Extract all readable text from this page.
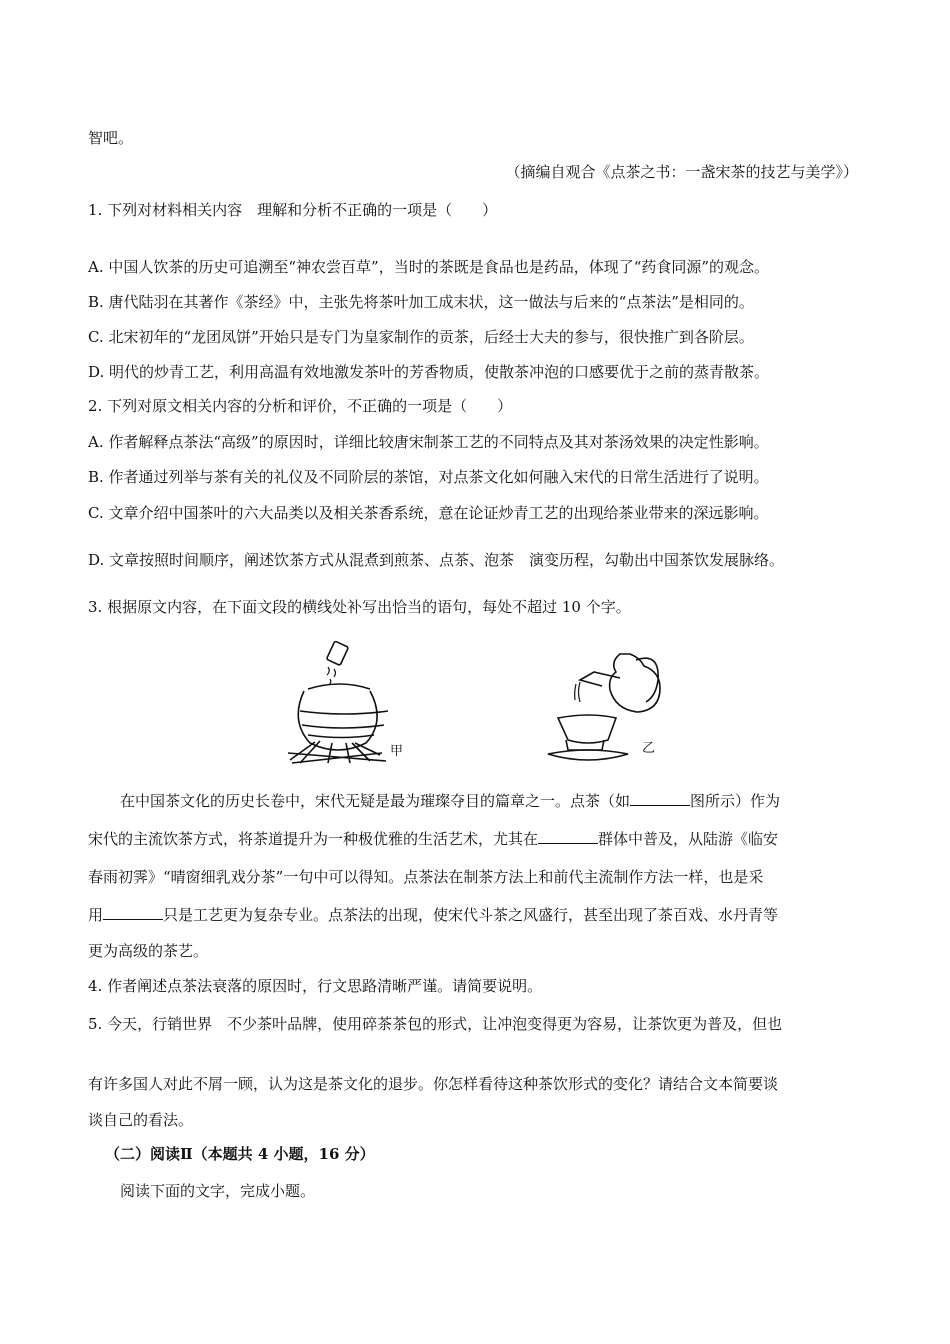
智吧。
（摘编自观合《点茶之书：一盏宋茶的技艺与美学》）
1. 下列对材料相关内容　理解和分析不正确的一项是（　　）
A. 中国人饮茶的历史可追溯至“神农尝百草”，当时的茶既是食品也是药品，体现了“药食同源”的观念。
B. 唐代陆羽在其著作《茶经》中，主张先将茶叶加工成末状，这一做法与后来的“点茶法”是相同的。
C. 北宋初年的“龙团凤饼”开始只是专门为皇家制作的贡茶，后经士大夫的参与，很快推广到各阶层。
D. 明代的炒青工艺，利用高温有效地激发茶叶的芳香物质，使散茶冲泡的口感要优于之前的蒸青散茶。
2. 下列对原文相关内容的分析和评价，不正确的一项是（　　）
A. 作者解释点茶法“高级”的原因时，详细比较唐宋制茶工艺的不同特点及其对茶汤效果的决定性影响。
B. 作者通过列举与茶有关的礼仪及不同阶层的茶馆，对点茶文化如何融入宋代的日常生活进行了说明。
C. 文章介绍中国茶叶的六大品类以及相关茶香系统，意在论证炒青工艺的出现给茶业带来的深远影响。
D. 文章按照时间顺序，阐述饮茶方式从混煮到煎茶、点茶、泡茶　演变历程，勾勒出中国茶饮发展脉络。
3. 根据原文内容，在下面文段的横线处补写出恰当的语句，每处不超过 10 个字。
甲	乙
在中国茶文化的历史长卷中，宋代无疑是最为璀璨夺目的篇章之一。点茶（如	图所示）作为
宋代的主流饮茶方式，将茶道提升为一种极优雅的生活艺术，尤其在	群体中普及，从陆游《临安
春雨初霁》“晴窗细乳戏分茶”一句中可以得知。点茶法在制茶方法上和前代主流制作方法一样，也是采
用	只是工艺更为复杂专业。点茶法的出现，使宋代斗茶之风盛行，甚至出现了茶百戏、水丹青等
更为高级的茶艺。
4. 作者阐述点茶法衰落的原因时，行文思路清晰严谨。请简要说明。
5. 今天，行销世界　不少茶叶品牌，使用碎茶茶包的形式，让冲泡变得更为容易，让茶饮更为普及，但也
有许多国人对此不屑一顾，认为这是茶文化的退步。你怎样看待这种茶饮形式的变化？请结合文本简要谈
谈自己的看法。
（二）阅读Ⅱ（本题共 4 小题，16 分）
阅读下面的文字，完成小题。
